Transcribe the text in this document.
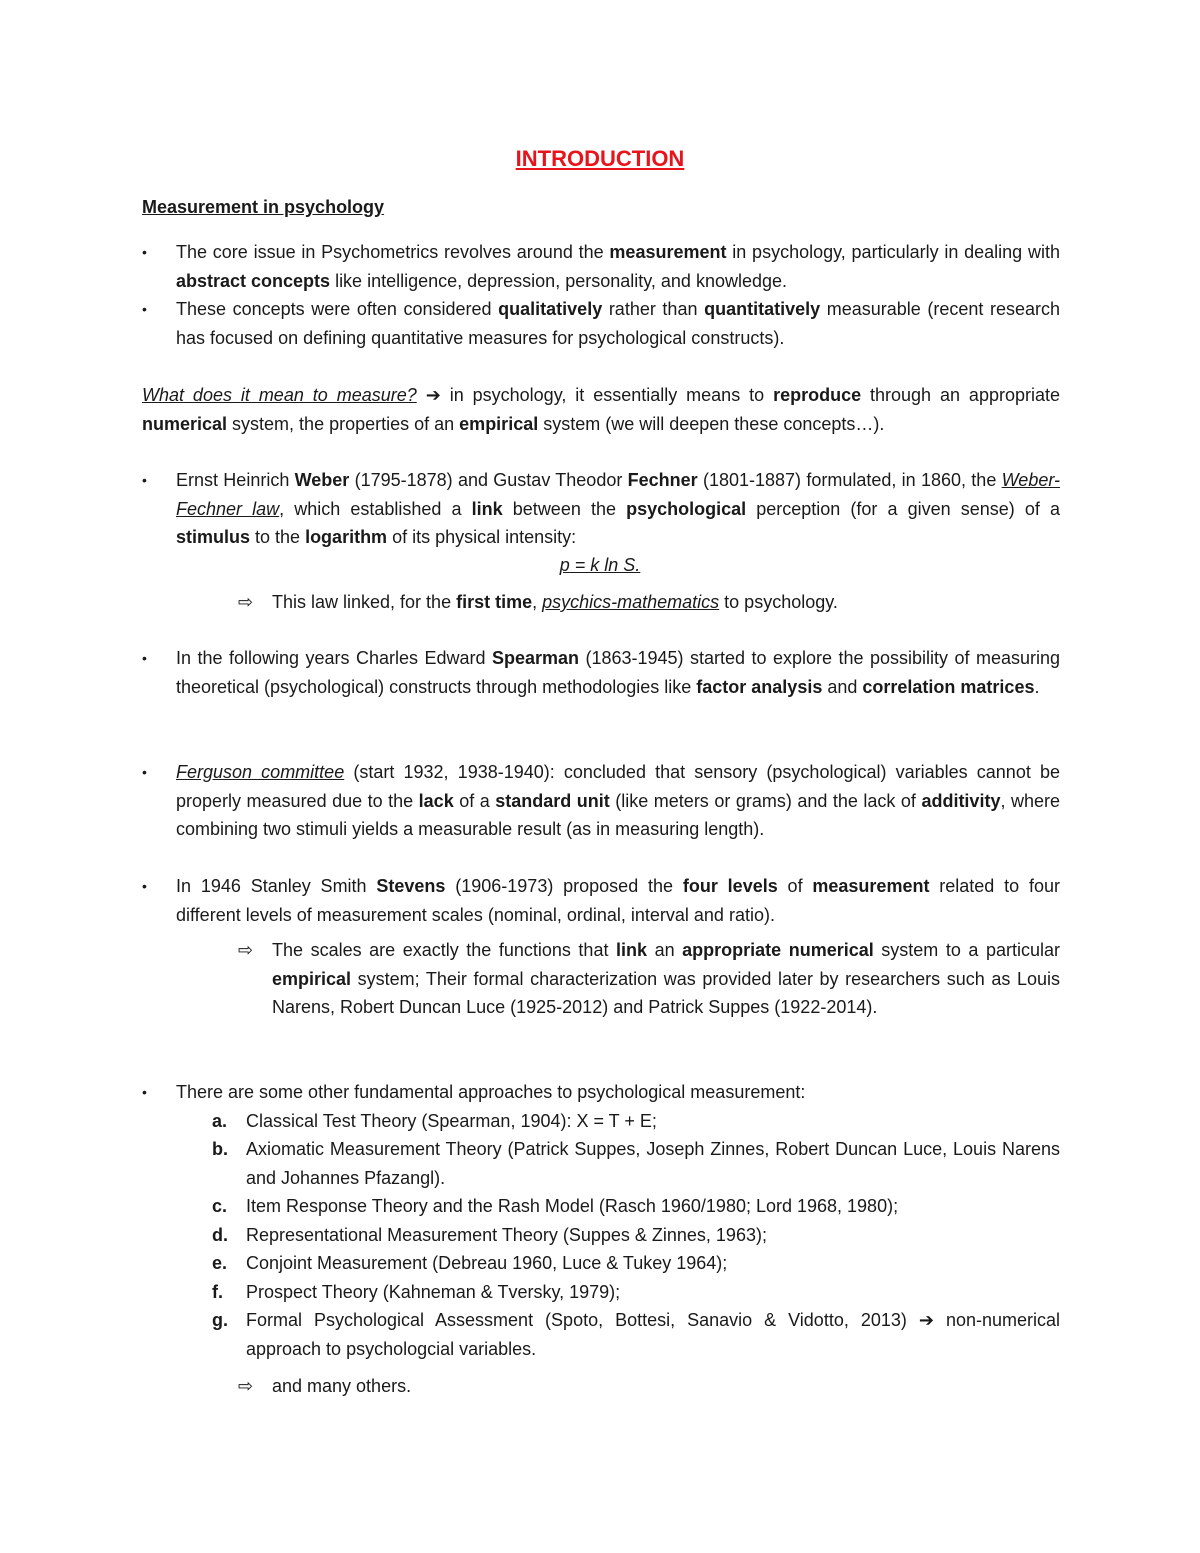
INTRODUCTION
Measurement in psychology
•	The core issue in Psychometrics revolves around the measurement in psychology, particularly in dealing with abstract concepts like intelligence, depression, personality, and knowledge.
•	These concepts were often considered qualitatively rather than quantitatively measurable (recent research has focused on defining quantitative measures for psychological constructs).
What does it mean to measure? ➔ in psychology, it essentially means to reproduce through an appropriate numerical system, the properties of an empirical system (we will deepen these concepts…).
•	Ernst Heinrich Weber (1795-1878) and Gustav Theodor Fechner (1801-1887) formulated, in 1860, the Weber-Fechner law, which established a link between the psychological perception (for a given sense) of a stimulus to the logarithm of its physical intensity:
p = k ln S.
⇨ This law linked, for the first time, psychics-mathematics to psychology.
•	In the following years Charles Edward Spearman (1863-1945) started to explore the possibility of measuring theoretical (psychological) constructs through methodologies like factor analysis and correlation matrices.
•	Ferguson committee (start 1932, 1938-1940): concluded that sensory (psychological) variables cannot be properly measured due to the lack of a standard unit (like meters or grams) and the lack of additivity, where combining two stimuli yields a measurable result (as in measuring length).
•	In 1946 Stanley Smith Stevens (1906-1973) proposed the four levels of measurement related to four different levels of measurement scales (nominal, ordinal, interval and ratio).
⇨ The scales are exactly the functions that link an appropriate numerical system to a particular empirical system; Their formal characterization was provided later by researchers such as Louis Narens, Robert Duncan Luce (1925-2012) and Patrick Suppes (1922-2014).
•	There are some other fundamental approaches to psychological measurement:
a. Classical Test Theory (Spearman, 1904): X = T + E;
b. Axiomatic Measurement Theory (Patrick Suppes, Joseph Zinnes, Robert Duncan Luce, Louis Narens and Johannes Pfazangl).
c. Item Response Theory and the Rash Model (Rasch 1960/1980; Lord 1968, 1980);
d. Representational Measurement Theory (Suppes & Zinnes, 1963);
e. Conjoint Measurement (Debreau 1960, Luce & Tukey 1964);
f. Prospect Theory (Kahneman & Tversky, 1979);
g. Formal Psychological Assessment (Spoto, Bottesi, Sanavio & Vidotto, 2013) ➔ non-numerical approach to psychologcial variables.
⇨ and many others.
